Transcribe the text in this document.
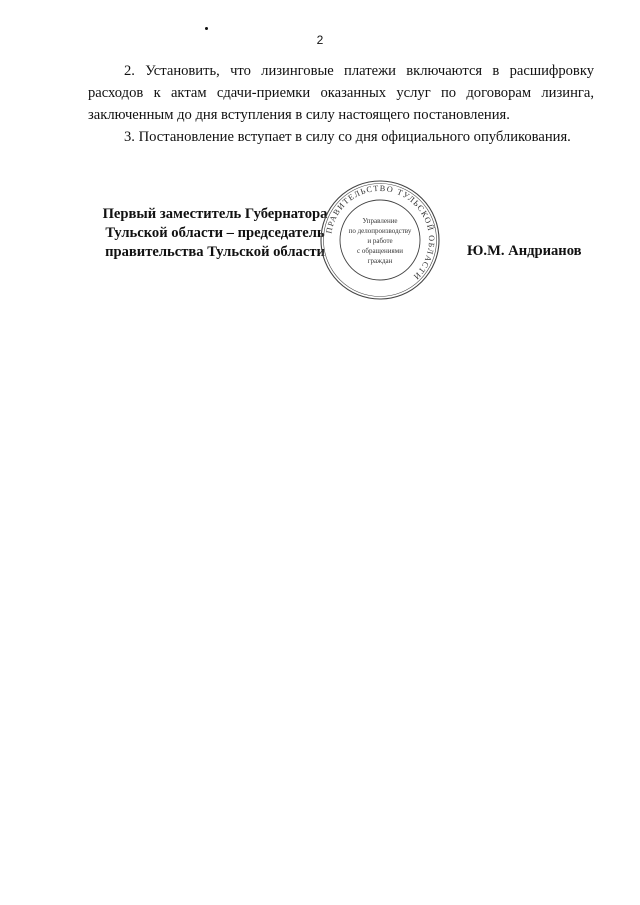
2

2. Установить, что лизинговые платежи включаются в расшифровку расходов к актам сдачи-приемки оказанных услуг по договорам лизинга, заключенным до дня вступления в силу настоящего постановления.

3. Постановление вступает в силу со дня официального опубликования.

Первый заместитель Губернатора
Тульской области – председатель
правительства Тульской области	Ю.М. Андрианов
ПРАВИТЕЛЬСТВО ТУЛЬСКОЙ ОБЛАСТИ
Управление
по делопроизводству
и работе
с обращениями
граждан
